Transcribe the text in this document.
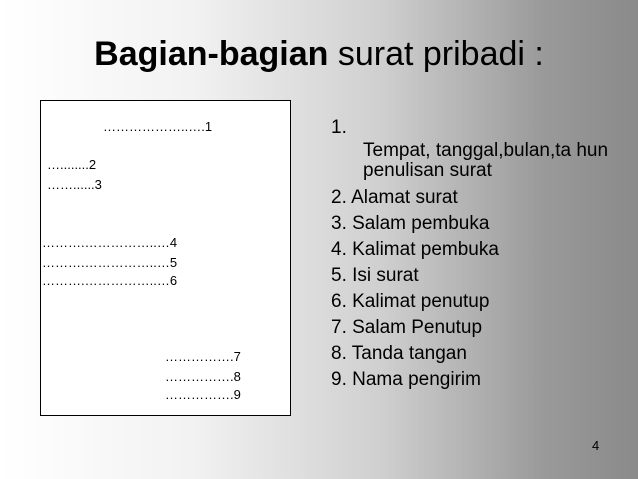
Bagian-bagian surat pribadi :
………………..….1
…........2
……......3
……….……………..…4
……….……………..…5
……….……………..…6
…………….7
…………….8
…………….9
1.
Tempat, tanggal,bulan,ta hun penulisan surat
2. Alamat surat
3. Salam pembuka
4. Kalimat pembuka
5. Isi surat
6. Kalimat penutup
7. Salam Penutup
8. Tanda tangan
9. Nama pengirim
4
